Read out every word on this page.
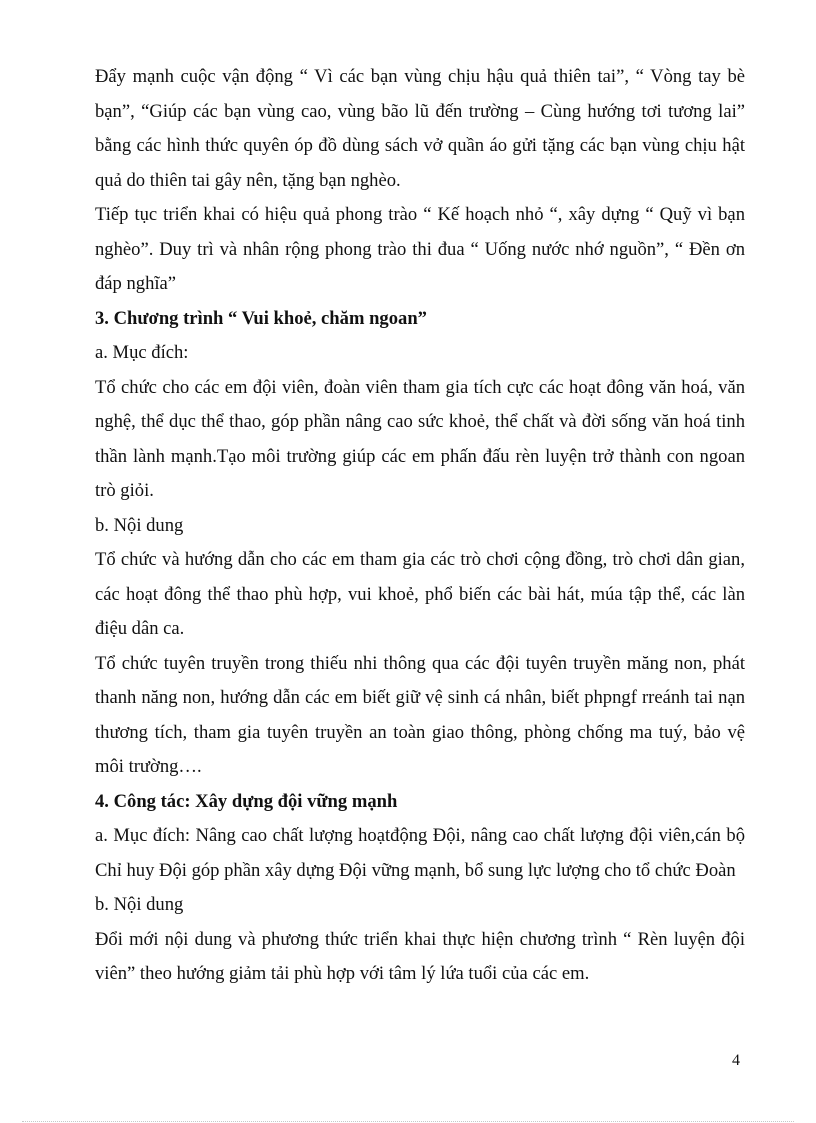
Đẩy mạnh cuộc vận động “ Vì các bạn vùng chịu hậu quả thiên tai”, “ Vòng tay bè bạn”, “Giúp các bạn vùng cao, vùng bão lũ đến trường – Cùng hướng tơi tương lai” bằng các hình thức quyên óp đồ dùng sách vở quần áo gửi tặng các bạn vùng chịu hật quả do thiên tai gây nên, tặng bạn nghèo.

Tiếp tục triển khai có hiệu quả phong trào “ Kế hoạch nhỏ “, xây dựng “ Quỹ vì bạn nghèo”. Duy trì và nhân rộng phong trào thi đua “ Uống nước nhớ nguồn”, “ Đền ơn đáp nghĩa”

3. Chương trình “ Vui khoẻ, chăm ngoan”

a. Mục đích:

Tổ chức cho các em đội viên, đoàn viên tham gia tích cực các hoạt đông văn hoá, văn nghệ, thể dục thể thao, góp phần nâng cao sức khoẻ, thể chất và đời sống văn hoá tinh thần lành mạnh.Tạo môi trường giúp các em phấn đấu rèn luyện trở thành con ngoan trò giỏi.

b. Nội dung

Tổ chức và hướng dẫn cho các em tham gia các trò chơi cộng đồng, trò chơi dân gian, các hoạt đông thể thao phù hợp, vui khoẻ, phổ biến các bài hát, múa tập thể, các làn điệu dân ca.

Tổ chức tuyên truyền trong thiếu nhi thông qua các đội tuyên truyền măng non, phát thanh năng non, hướng dẫn các em biết giữ vệ sinh cá nhân, biết phpngf rreánh tai nạn thương tích, tham gia tuyên truyền an toàn giao thông, phòng chống ma tuý, bảo vệ môi trường….

4. Công tác: Xây dựng đội vững mạnh

a. Mục đích: Nâng cao chất lượng hoạtđộng Đội, nâng cao chất lượng đội viên,cán bộ Chỉ huy Đội góp phần xây dựng Đội vững mạnh, bổ sung lực lượng cho tổ chức Đoàn

b. Nội dung

Đổi mới nội dung và phương thức triển khai thực hiện chương trình “ Rèn luyện đội viên” theo hướng giảm tải phù hợp với tâm lý lứa tuổi của các em.

4
